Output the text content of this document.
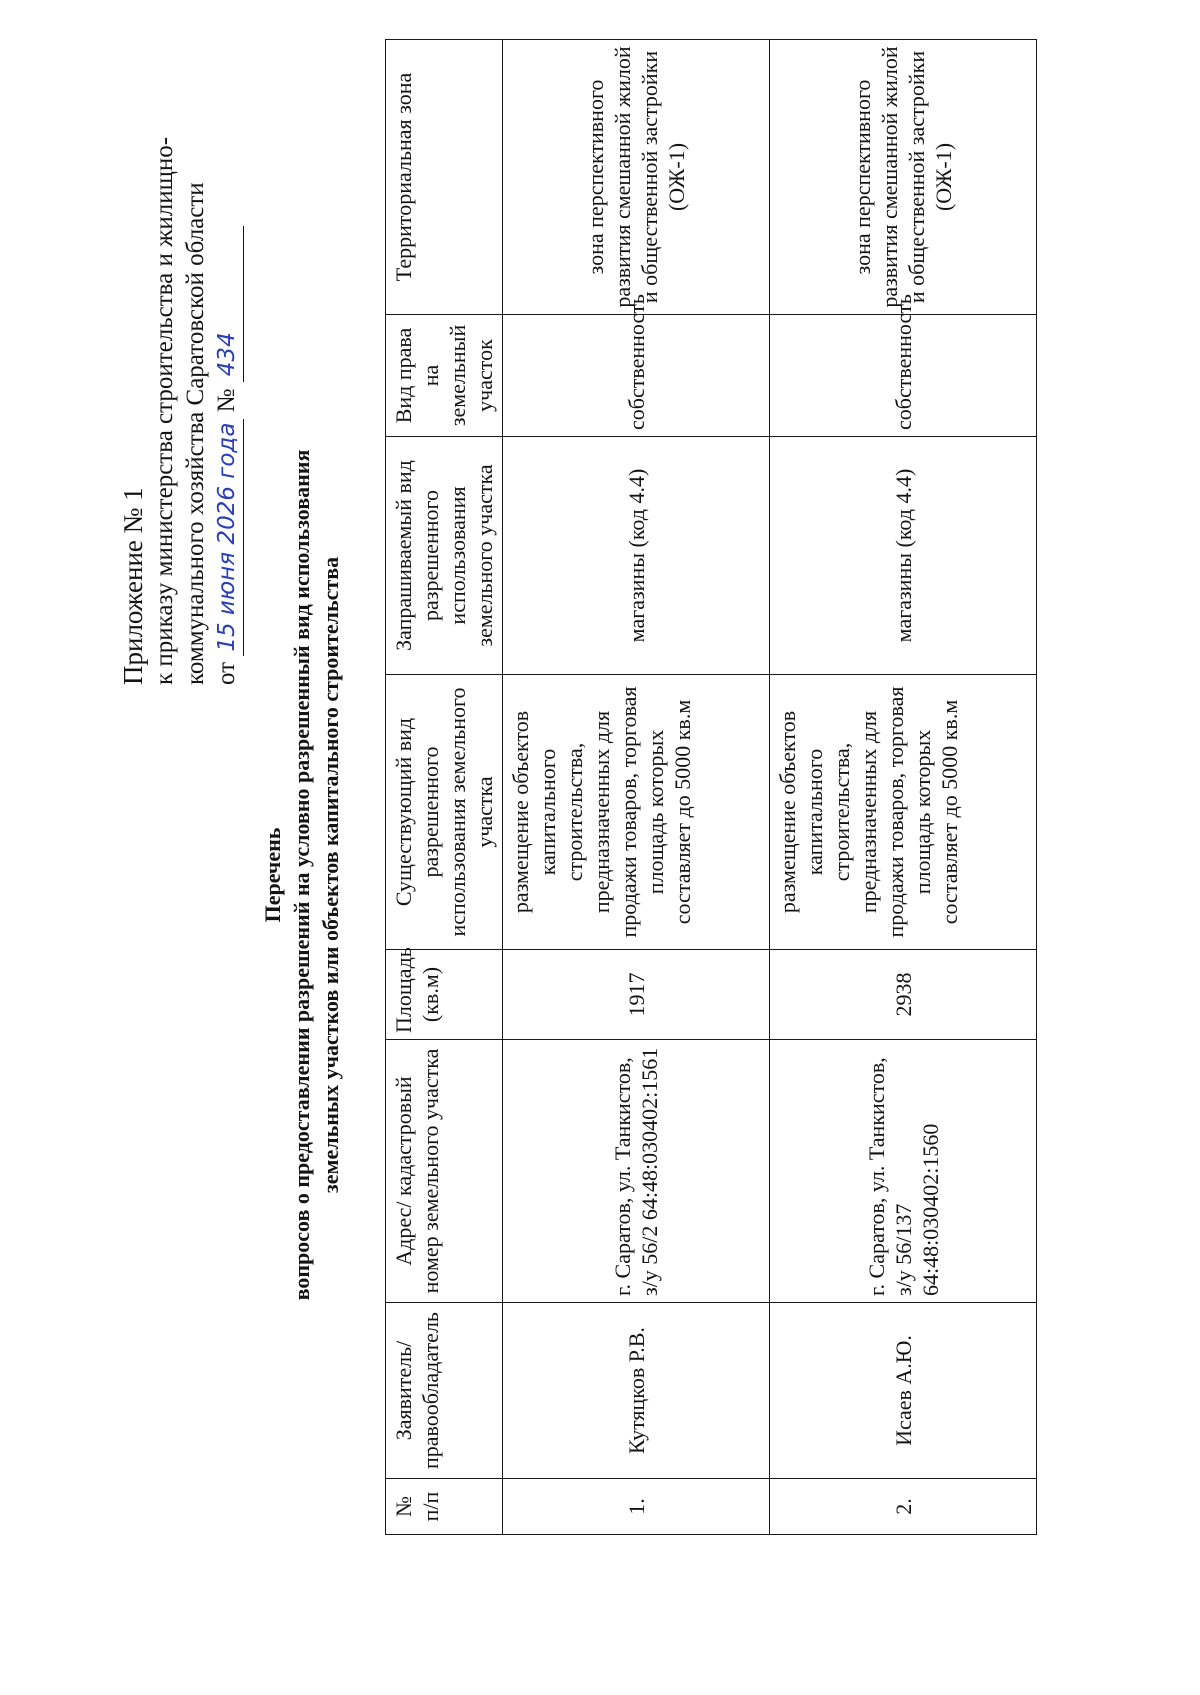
Приложение № 1 к приказу министерства строительства и жилищно- коммунального хозяйства Саратовской области от 15 июня 2026 года № 434
Перечень вопросов о предоставлении разрешений на условно разрешенный вид использования земельных участков или объектов капитального строительства
№ п/п	Заявитель/ правообладатель	Адрес/ кадастровый номер земельного участка	Площадь (кв.м)	Существующий вид разрешенного использования земельного участка	Запрашиваемый вид разрешенного использования земельного участка	Вид права на земельный участок	Территориальная зона
1.	Кутяцков Р.В.	г. Саратов, ул. Танкистов, з/у 56/2 64:48:030402:1561	1917	размещение объектов капитального строительства, предназначенных для продажи товаров, торговая площадь которых составляет до 5000 кв.м	магазины (код 4.4)	собственность	зона перспективного развития смешанной жилой и общественной застройки (ОЖ-1)
2.	Исаев А.Ю.	г. Саратов, ул. Танкистов, з/у 56/137 64:48:030402:1560	2938	размещение объектов капитального строительства, предназначенных для продажи товаров, торговая площадь которых составляет до 5000 кв.м	магазины (код 4.4)	собственность	зона перспективного развития смешанной жилой и общественной застройки (ОЖ-1)
